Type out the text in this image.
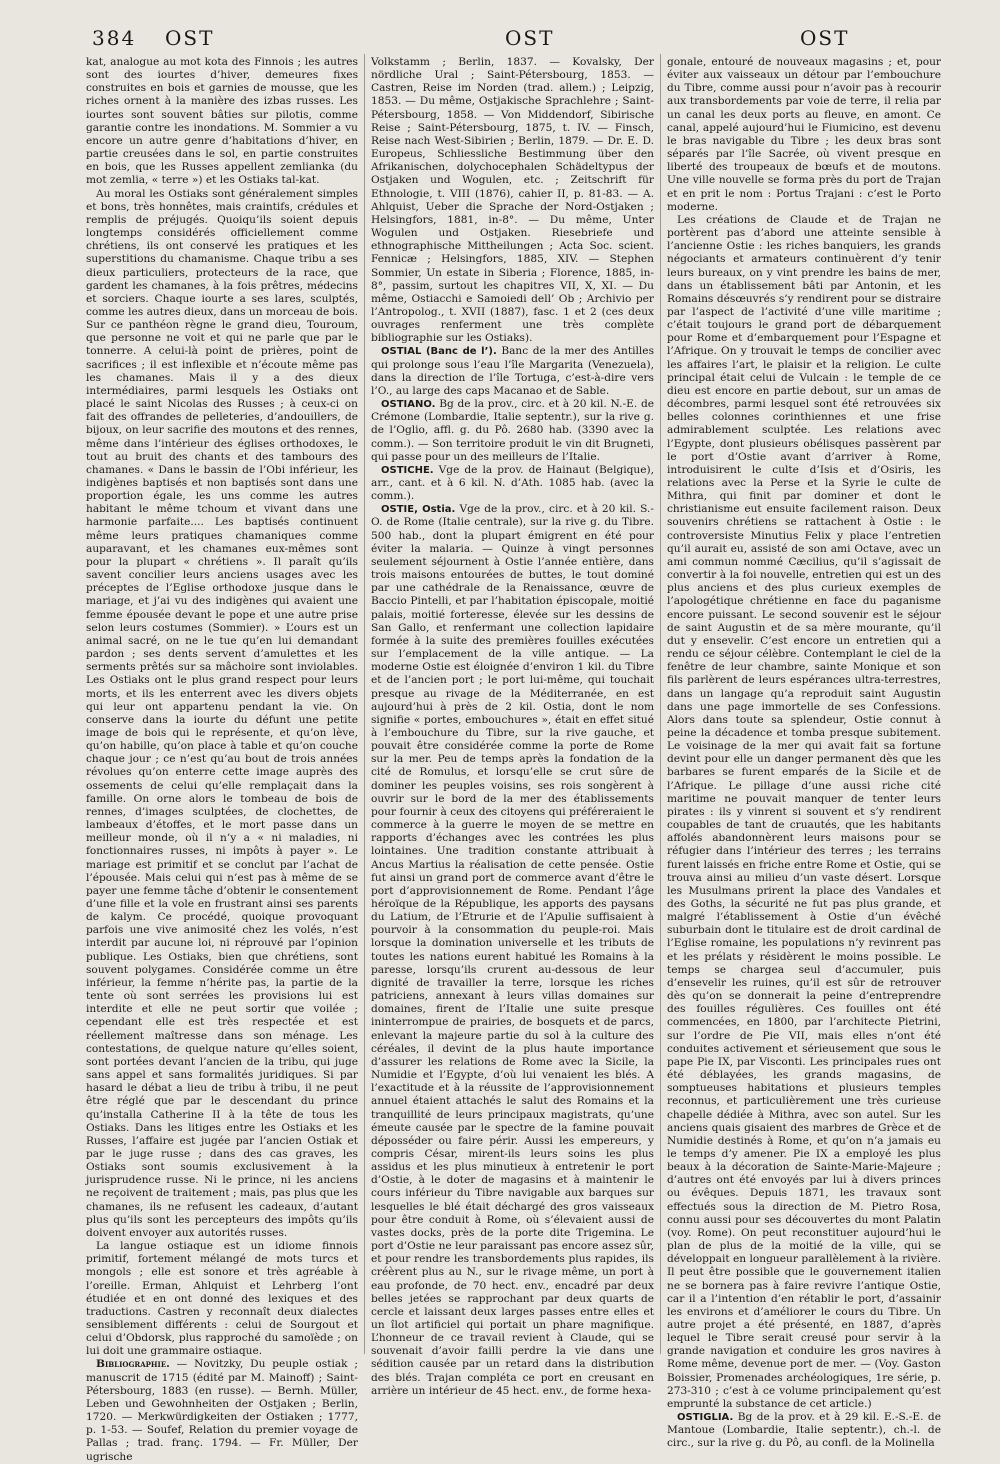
384 OST	OST	OST

kat, analogue au mot kota des Finnois ; les autres sont des iourtes d’hiver, demeures fixes construites en bois et garnies de mousse, que les riches ornent à la manière des izbas russes. Les iourtes sont souvent bâties sur pilotis, comme garantie contre les inondations. M. Sommier a vu encore un autre genre d’habitations d’hiver, en partie creusées dans le sol, en partie construites en bois, que les Russes appellent zemlianka (du mot zemlia, « terre ») et les Ostiaks tal-kat.

Au moral les Ostiaks sont généralement simples et bons, très honnêtes, mais craintifs, crédules et remplis de préjugés. Quoiqu’ils soient depuis longtemps considérés officiellement comme chrétiens, ils ont conservé les pratiques et les superstitions du chamanisme. Chaque tribu a ses dieux particuliers, protecteurs de la race, que gardent les chamanes, à la fois prêtres, médecins et sorciers. Chaque iourte a ses lares, sculptés, comme les autres dieux, dans un morceau de bois. Sur ce panthéon règne le grand dieu, Touroum, que personne ne voit et qui ne parle que par le tonnerre. A celui-là point de prières, point de sacrifices ; il est inflexible et n’écoute même pas les chamanes. Mais il y a des dieux intermédiaires, parmi lesquels les Ostiaks ont placé le saint Nicolas des Russes ; à ceux-ci on fait des offrandes de pelleteries, d’andouillers, de bijoux, on leur sacrifie des moutons et des rennes, même dans l’intérieur des églises orthodoxes, le tout au bruit des chants et des tambours des chamanes. « Dans le bassin de l’Obi inférieur, les indigènes baptisés et non baptisés sont dans une proportion égale, les uns comme les autres habitant le même tchoum et vivant dans une harmonie parfaite.... Les baptisés continuent même leurs pratiques chamaniques comme auparavant, et les chamanes eux-mêmes sont pour la plupart « chrétiens ». Il paraît qu’ils savent concilier leurs anciens usages avec les préceptes de l’Eglise orthodoxe jusque dans le mariage, et j’ai vu des indigènes qui avaient une femme épousée devant le pope et une autre prise selon leurs costumes (Sommier). » L’ours est un animal sacré, on ne le tue qu’en lui demandant pardon ; ses dents servent d’amulettes et les serments prêtés sur sa mâchoire sont inviolables. Les Ostiaks ont le plus grand respect pour leurs morts, et ils les enterrent avec les divers objets qui leur ont appartenu pendant la vie. On conserve dans la iourte du défunt une petite image de bois qui le représente, et qu’on lève, qu’on habille, qu’on place à table et qu’on couche chaque jour ; ce n’est qu’au bout de trois années révolues qu’on enterre cette image auprès des ossements de celui qu’elle remplaçait dans la famille. On orne alors le tombeau de bois de rennes, d’images sculptées, de clochettes, de lambeaux d’étoffes, et le mort passe dans un meilleur monde, où il n’y a « ni maladies, ni fonctionnaires russes, ni impôts à payer ». Le mariage est primitif et se conclut par l’achat de l’épousée. Mais celui qui n’est pas à même de se payer une femme tâche d’obtenir le consentement d’une fille et la vole en frustrant ainsi ses parents de kalym. Ce procédé, quoique provoquant parfois une vive animosité chez les volés, n’est interdit par aucune loi, ni réprouvé par l’opinion publique. Les Ostiaks, bien que chrétiens, sont souvent polygames. Considérée comme un être inférieur, la femme n’hérite pas, la partie de la tente où sont serrées les provisions lui est interdite et elle ne peut sortir que voilée ; cependant elle est très respectée et est réellement maîtresse dans son ménage. Les contestations, de quelque nature qu’elles soient, sont portées devant l’ancien de la tribu, qui juge sans appel et sans formalités juridiques. Si par hasard le débat a lieu de tribu à tribu, il ne peut être réglé que par le descendant du prince qu’installa Catherine II à la tête de tous les Ostiaks. Dans les litiges entre les Ostiaks et les Russes, l’affaire est jugée par l’ancien Ostiak et par le juge russe ; dans des cas graves, les Ostiaks sont soumis exclusivement à la jurisprudence russe. Ni le prince, ni les anciens ne reçoivent de traitement ; mais, pas plus que les chamanes, ils ne refusent les cadeaux, d’autant plus qu’ils sont les percepteurs des impôts qu’ils doivent envoyer aux autorités russes.

La langue ostiaque est un idiome finnois primitif, fortement mélangé de mots turcs et mongols ; elle est sonore et très agréable à l’oreille. Erman, Ahlquist et Lehrberg l’ont étudiée et en ont donné des lexiques et des traductions. Castren y reconnaît deux dialectes sensiblement différents : celui de Sourgout et celui d’Obdorsk, plus rapproché du samoïède ; on lui doit une grammaire ostiaque.

Bibliographie. — Novitzky, Du peuple ostiak ; manuscrit de 1715 (édité par M. Mainoff) ; Saint-Pétersbourg, 1883 (en russe). — Bernh. Müller, Leben und Gewohnheiten der Ostjaken ; Berlin, 1720. — Merkwürdigkeiten der Ostiaken ; 1777, p. 1-53. — Soufef, Relation du premier voyage de Pallas ; trad. franç. 1794. — Fr. Müller, Der ugrische

Volkstamm ; Berlin, 1837. — Kovalsky, Der nördliche Ural ; Saint-Pétersbourg, 1853. — Castren, Reise im Norden (trad. allem.) ; Leipzig, 1853. — Du même, Ostjakische Sprachlehre ; Saint-Pétersbourg, 1858. — Von Middendorf, Sibirische Reise ; Saint-Pétersbourg, 1875, t. IV. — Finsch, Reise nach West-Sibirien ; Berlin, 1879. — Dr. E. D. Europeus, Schliessliche Bestimmung über den Afrikanischen, dolychocephalen Schädeltypus der Ostjaken und Wogulen, etc. ; Zeitschrift für Ethnologie, t. VIII (1876), cahier II, p. 81-83. — A. Ahlquist, Ueber die Sprache der Nord-Ostjaken ; Helsingfors, 1881, in-8°. — Du même, Unter Wogulen und Ostjaken. Riesebriefe und ethnographische Mittheilungen ; Acta Soc. scient. Fennicæ ; Helsingfors, 1885, XIV. — Stephen Sommier, Un estate in Siberia ; Florence, 1885, in-8°, passim, surtout les chapitres VII, X, XI. — Du même, Ostiacchi e Samoiedi dell’ Ob ; Archivio per l’Antropolog., t. XVII (1887), fasc. 1 et 2 (ces deux ouvrages renferment une très complète bibliographie sur les Ostiaks).

OSTIAL (Banc de l’). Banc de la mer des Antilles qui prolonge sous l’eau l’île Margarita (Venezuela), dans la direction de l’île Tortuga, c’est-à-dire vers l’O., au large des caps Macanao et de Sable.

OSTIANO. Bg de la prov., circ. et à 20 kil. N.-E. de Crémone (Lombardie, Italie septentr.), sur la rive g. de l’Oglio, affl. g. du Pô. 2680 hab. (3390 avec la comm.). — Son territoire produit le vin dit Brugneti, qui passe pour un des meilleurs de l’Italie.

OSTICHE. Vge de la prov. de Hainaut (Belgique), arr., cant. et à 6 kil. N. d’Ath. 1085 hab. (avec la comm.).

OSTIE, Ostia. Vge de la prov., circ. et à 20 kil. S.-O. de Rome (Italie centrale), sur la rive g. du Tibre. 500 hab., dont la plupart émigrent en été pour éviter la malaria. — Quinze à vingt personnes seulement séjournent à Ostie l’année entière, dans trois maisons entourées de buttes, le tout dominé par une cathédrale de la Renaissance, œuvre de Baccio Pintelli, et par l’habitation épiscopale, moitié palais, moitié forteresse, élevée sur les dessins de San Gallo, et renfermant une collection lapidaire formée à la suite des premières fouilles exécutées sur l’emplacement de la ville antique. — La moderne Ostie est éloignée d’environ 1 kil. du Tibre et de l’ancien port ; le port lui-même, qui touchait presque au rivage de la Méditerranée, en est aujourd’hui à près de 2 kil. Ostia, dont le nom signifie « portes, embouchures », était en effet situé à l’embouchure du Tibre, sur la rive gauche, et pouvait être considérée comme la porte de Rome sur la mer. Peu de temps après la fondation de la cité de Romulus, et lorsqu’elle se crut sûre de dominer les peuples voisins, ses rois songèrent à ouvrir sur le bord de la mer des établissements pour fournir à ceux des citoyens qui préféreraient le commerce à la guerre le moyen de se mettre en rapports d’échanges avec les contrées les plus lointaines. Une tradition constante attribuait à Ancus Martius la réalisation de cette pensée. Ostie fut ainsi un grand port de commerce avant d’être le port d’approvisionnement de Rome. Pendant l’âge héroïque de la République, les apports des paysans du Latium, de l’Etrurie et de l’Apulie suffisaient à pourvoir à la consommation du peuple-roi. Mais lorsque la domination universelle et les tributs de toutes les nations eurent habitué les Romains à la paresse, lorsqu’ils crurent au-dessous de leur dignité de travailler la terre, lorsque les riches patriciens, annexant à leurs villas domaines sur domaines, firent de l’Italie une suite presque ininterrompue de prairies, de bosquets et de parcs, enlevant la majeure partie du sol à la culture des céréales, il devint de la plus haute importance d’assurer les relations de Rome avec la Sicile, la Numidie et l’Egypte, d’où lui venaient les blés. A l’exactitude et à la réussite de l’approvisionnement annuel étaient attachés le salut des Romains et la tranquillité de leurs principaux magistrats, qu’une émeute causée par le spectre de la famine pouvait déposséder ou faire périr. Aussi les empereurs, y compris César, mirent-ils leurs soins les plus assidus et les plus minutieux à entretenir le port d’Ostie, à le doter de magasins et à maintenir le cours inférieur du Tibre navigable aux barques sur lesquelles le blé était déchargé des gros vaisseaux pour être conduit à Rome, où s’élevaient aussi de vastes docks, près de la porte dite Trigemina. Le port d’Ostie ne leur paraissant pas encore assez sûr, et pour rendre les transbordements plus rapides, ils créèrent plus au N., sur le rivage même, un port à eau profonde, de 70 hect. env., encadré par deux belles jetées se rapprochant par deux quarts de cercle et laissant deux larges passes entre elles et un îlot artificiel qui portait un phare magnifique. L’honneur de ce travail revient à Claude, qui se souvenait d’avoir failli perdre la vie dans une sédition causée par un retard dans la distribution des blés. Trajan compléta ce port en creusant en arrière un intérieur de 45 hect. env., de forme hexa-

gonale, entouré de nouveaux magasins ; et, pour éviter aux vaisseaux un détour par l’embouchure du Tibre, comme aussi pour n’avoir pas à recourir aux transbordements par voie de terre, il relia par un canal les deux ports au fleuve, en amont. Ce canal, appelé aujourd’hui le Fiumicino, est devenu le bras navigable du Tibre ; les deux bras sont séparés par l’île Sacrée, où vivent presque en liberté des troupeaux de bœufs et de moutons. Une ville nouvelle se forma près du port de Trajan et en prit le nom : Portus Trajani : c’est le Porto moderne.

Les créations de Claude et de Trajan ne portèrent pas d’abord une atteinte sensible à l’ancienne Ostie : les riches banquiers, les grands négociants et armateurs continuèrent d’y tenir leurs bureaux, on y vint prendre les bains de mer, dans un établissement bâti par Antonin, et les Romains désœuvrés s’y rendirent pour se distraire par l’aspect de l’activité d’une ville maritime ; c’était toujours le grand port de débarquement pour Rome et d’embarquement pour l’Espagne et l’Afrique. On y trouvait le temps de concilier avec les affaires l’art, le plaisir et la religion. Le culte principal était celui de Vulcain : le temple de ce dieu est encore en partie debout, sur un amas de décombres, parmi lesquel sont été retrouvées six belles colonnes corinthiennes et une frise admirablement sculptée. Les relations avec l’Egypte, dont plusieurs obélisques passèrent par le port d’Ostie avant d’arriver à Rome, introduisirent le culte d’Isis et d’Osiris, les relations avec la Perse et la Syrie le culte de Mithra, qui finit par dominer et dont le christianisme eut ensuite facilement raison. Deux souvenirs chrétiens se rattachent à Ostie : le controversiste Minutius Felix y place l’entretien qu’il aurait eu, assisté de son ami Octave, avec un ami commun nommé Cæcilius, qu’il s’agissait de convertir à la foi nouvelle, entretien qui est un des plus anciens et des plus curieux exemples de l’apologétique chrétienne en face du paganisme encore puissant. Le second souvenir est le séjour de saint Augustin et de sa mère mourante, qu’il dut y ensevelir. C’est encore un entretien qui a rendu ce séjour célèbre. Contemplant le ciel de la fenêtre de leur chambre, sainte Monique et son fils parlèrent de leurs espérances ultra-terrestres, dans un langage qu’a reproduit saint Augustin dans une page immortelle de ses Confessions. Alors dans toute sa splendeur, Ostie connut à peine la décadence et tomba presque subitement. Le voisinage de la mer qui avait fait sa fortune devint pour elle un danger permanent dès que les barbares se furent emparés de la Sicile et de l’Afrique. Le pillage d’une aussi riche cité maritime ne pouvait manquer de tenter leurs pirates : ils y vinrent si souvent et s’y rendirent coupables de tant de cruautés, que les habitants affolés abandonnèrent leurs maisons pour se réfugier dans l’intérieur des terres ; les terrains furent laissés en friche entre Rome et Ostie, qui se trouva ainsi au milieu d’un vaste désert. Lorsque les Musulmans prirent la place des Vandales et des Goths, la sécurité ne fut pas plus grande, et malgré l’établissement à Ostie d’un évêché suburbain dont le titulaire est de droit cardinal de l’Eglise romaine, les populations n’y revinrent pas et les prélats y résidèrent le moins possible. Le temps se chargea seul d’accumuler, puis d’ensevelir les ruines, qu’il est sûr de retrouver dès qu’on se donnerait la peine d’entreprendre des fouilles régulières. Ces fouilles ont été commencées, en 1800, par l’architecte Pietrini, sur l’ordre de Pie VII, mais elles n’ont été conduites activement et sérieusement que sous le pape Pie IX, par Visconti. Les principales rues ont été déblayées, les grands magasins, de somptueuses habitations et plusieurs temples reconnus, et particulièrement une très curieuse chapelle dédiée à Mithra, avec son autel. Sur les anciens quais gisaient des marbres de Grèce et de Numidie destinés à Rome, et qu’on n’a jamais eu le temps d’y amener. Pie IX a employé les plus beaux à la décoration de Sainte-Marie-Majeure ; d’autres ont été envoyés par lui à divers princes ou évêques. Depuis 1871, les travaux sont effectués sous la direction de M. Pietro Rosa, connu aussi pour ses découvertes du mont Palatin (voy. Rome). On peut reconstituer aujourd’hui le plan de plus de la moitié de la ville, qui se développait en longueur parallèlement à la rivière. Il peut être possible que le gouvernement italien ne se bornera pas à faire revivre l’antique Ostie, car il a l’intention d’en rétablir le port, d’assainir les environs et d’améliorer le cours du Tibre. Un autre projet a été présenté, en 1887, d’après lequel le Tibre serait creusé pour servir à la grande navigation et conduire les gros navires à Rome même, devenue port de mer. — (Voy. Gaston Boissier, Promenades archéologiques, 1re série, p. 273-310 ; c’est à ce volume principalement qu’est emprunté la substance de cet article.)

OSTIGLIA. Bg de la prov. et à 29 kil. E.-S.-E. de Mantoue (Lombardie, Italie septentr.), ch.-l. de circ., sur la rive g. du Pô, au confl. de la Molinella
